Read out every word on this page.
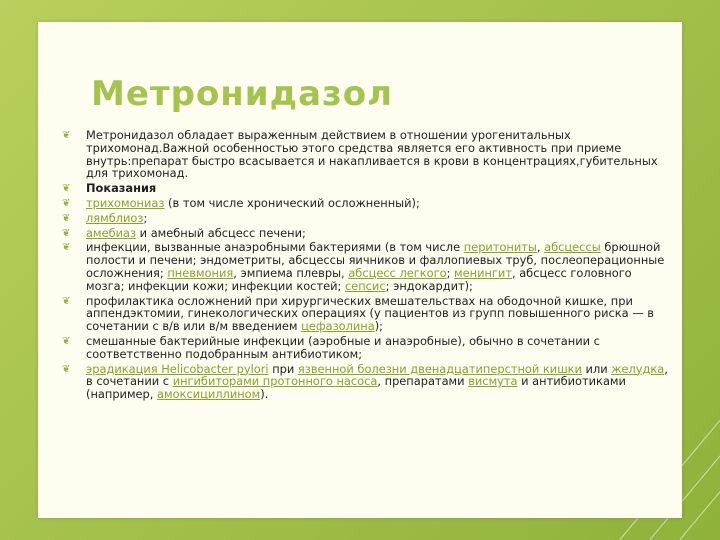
Метронидазол
❦ Метронидазол обладает выраженным действием в отношении урогенитальных трихомонад.Важной особенностью этого средства является его активность при приеме внутрь:препарат быстро всасывается и накапливается в крови в концентрациях,губительных для трихомонад.
❦ Показания
❦ трихомониаз (в том числе хронический осложненный);
❦ лямблиоз;
❦ амебиаз и амебный абсцесс печени;
❦ инфекции, вызванные анаэробными бактериями (в том числе перитониты, абсцессы брюшной полости и печени; эндометриты, абсцессы яичников и фаллопиевых труб, послеоперационные осложнения; пневмония, эмпиема плевры, абсцесс легкого; менингит, абсцесс головного мозга; инфекции кожи; инфекции костей; сепсис; эндокардит);
❦ профилактика осложнений при хирургических вмешательствах на ободочной кишке, при аппендэктомии, гинекологических операциях (у пациентов из групп повышенного риска — в сочетании с в/в или в/м введением цефазолина);
❦ смешанные бактерийные инфекции (аэробные и анаэробные), обычно в сочетании с соответственно подобранным антибиотиком;
❦ эрадикация Helicobacter pylori при язвенной болезни двенадцатиперстной кишки или желудка, в сочетании с ингибиторами протонного насоса, препаратами висмута и антибиотиками (например, амоксициллином).
